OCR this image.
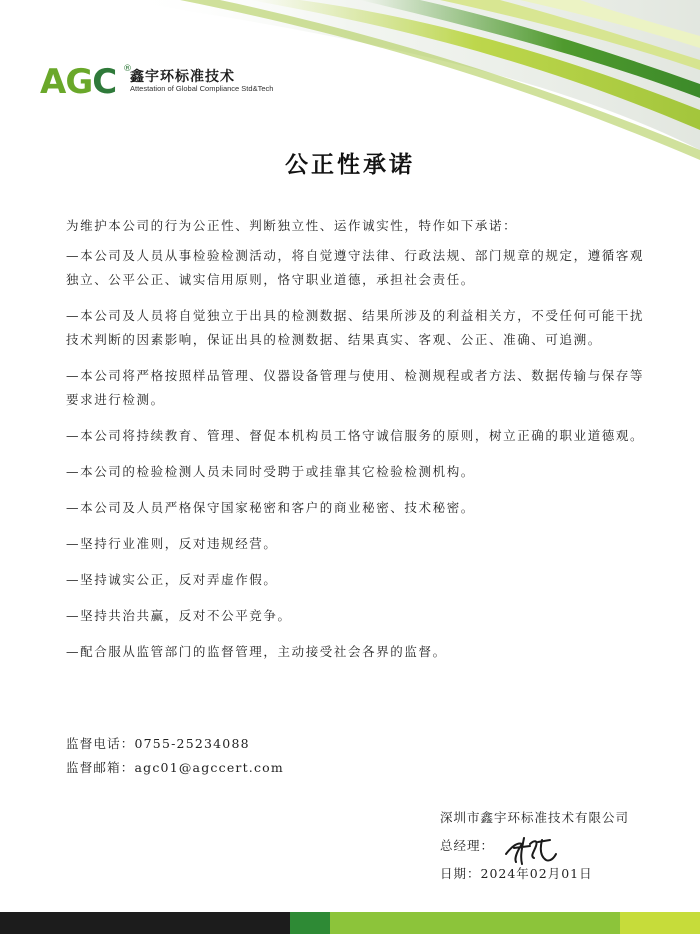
AGC ®
鑫宇环标准技术
Attestation of Global Compliance Std&Tech
公正性承诺

为维护本公司的行为公正性、判断独立性、运作诚实性，特作如下承诺：

—本公司及人员从事检验检测活动，将自觉遵守法律、行政法规、部门规章的规定，遵循客观独立、公平公正、诚实信用原则，恪守职业道德，承担社会责任。

—本公司及人员将自觉独立于出具的检测数据、结果所涉及的利益相关方，不受任何可能干扰技术判断的因素影响，保证出具的检测数据、结果真实、客观、公正、准确、可追溯。

—本公司将严格按照样品管理、仪器设备管理与使用、检测规程或者方法、数据传输与保存等要求进行检测。

—本公司将持续教育、管理、督促本机构员工恪守诚信服务的原则，树立正确的职业道德观。

—本公司的检验检测人员未同时受聘于或挂靠其它检验检测机构。

—本公司及人员严格保守国家秘密和客户的商业秘密、技术秘密。

—坚持行业准则，反对违规经营。

—坚持诚实公正，反对弄虚作假。

—坚持共治共赢，反对不公平竞争。

—配合服从监管部门的监督管理，主动接受社会各界的监督。

监督电话：0755-25234088
监督邮箱：agc01@agccert.com
深圳市鑫宇环标准技术有限公司
总经理：
日期：2024年02月01日
